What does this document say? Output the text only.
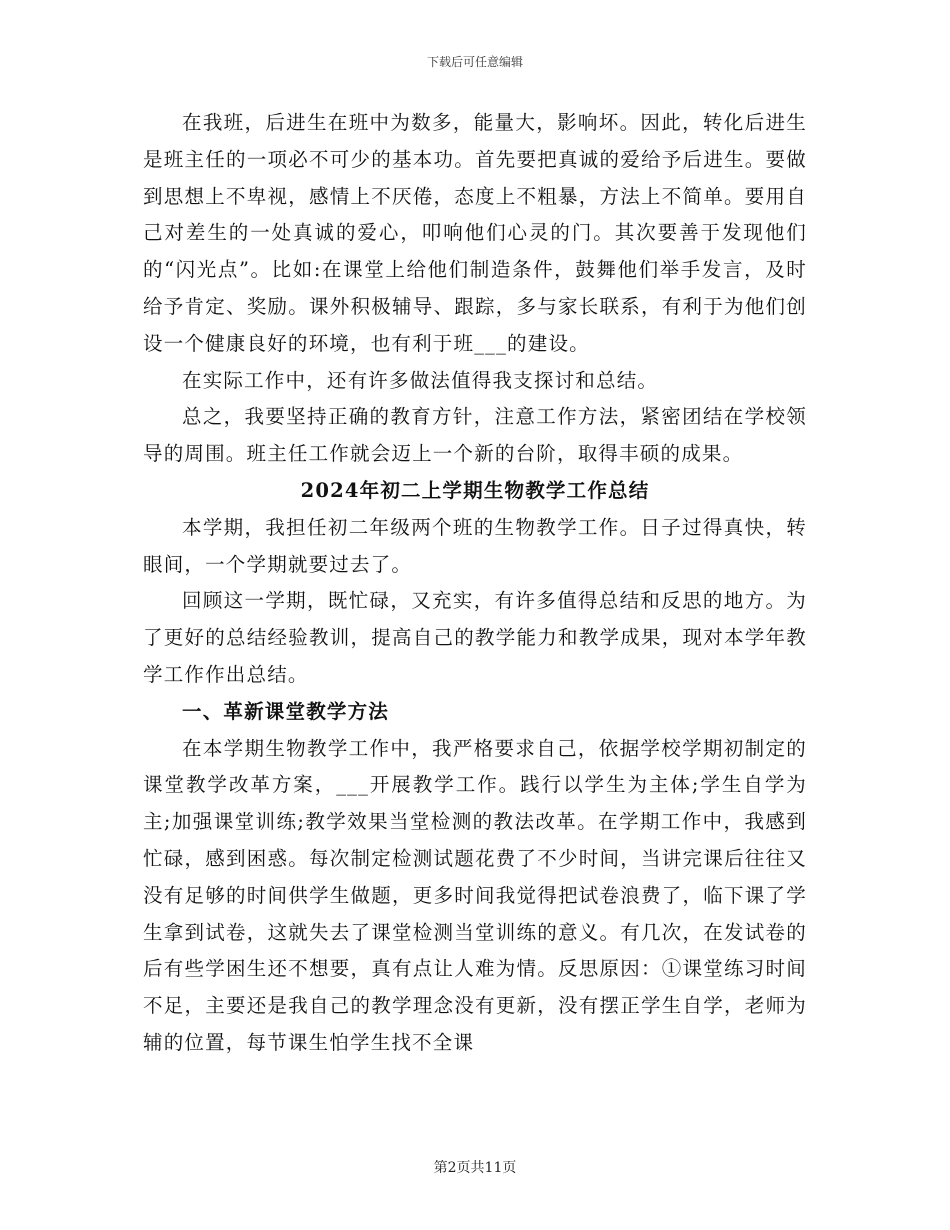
下载后可任意编辑

在我班，后进生在班中为数多，能量大，影响坏。因此，转化后进生是班主任的一项必不可少的基本功。首先要把真诚的爱给予后进生。要做到思想上不卑视，感情上不厌倦，态度上不粗暴，方法上不简单。要用自己对差生的一处真诚的爱心，叩响他们心灵的门。其次要善于发现他们的“闪光点”。比如:在课堂上给他们制造条件，鼓舞他们举手发言，及时给予肯定、奖励。课外积极辅导、跟踪，多与家长联系，有利于为他们创设一个健康良好的环境，也有利于班___的建设。

在实际工作中，还有许多做法值得我支探讨和总结。

总之，我要坚持正确的教育方针，注意工作方法，紧密团结在学校领导的周围。班主任工作就会迈上一个新的台阶，取得丰硕的成果。

2024年初二上学期生物教学工作总结

本学期，我担任初二年级两个班的生物教学工作。日子过得真快，转眼间，一个学期就要过去了。

回顾这一学期，既忙碌，又充实，有许多值得总结和反思的地方。为了更好的总结经验教训，提高自己的教学能力和教学成果，现对本学年教学工作作出总结。

一、革新课堂教学方法

在本学期生物教学工作中，我严格要求自己，依据学校学期初制定的课堂教学改革方案，___开展教学工作。践行以学生为主体;学生自学为主;加强课堂训练;教学效果当堂检测的教法改革。在学期工作中，我感到忙碌，感到困惑。每次制定检测试题花费了不少时间，当讲完课后往往又没有足够的时间供学生做题，更多时间我觉得把试卷浪费了，临下课了学生拿到试卷，这就失去了课堂检测当堂训练的意义。有几次，在发试卷的后有些学困生还不想要，真有点让人难为情。反思原因：①课堂练习时间不足，主要还是我自己的教学理念没有更新，没有摆正学生自学，老师为辅的位置，每节课生怕学生找不全课

第2页共11页
